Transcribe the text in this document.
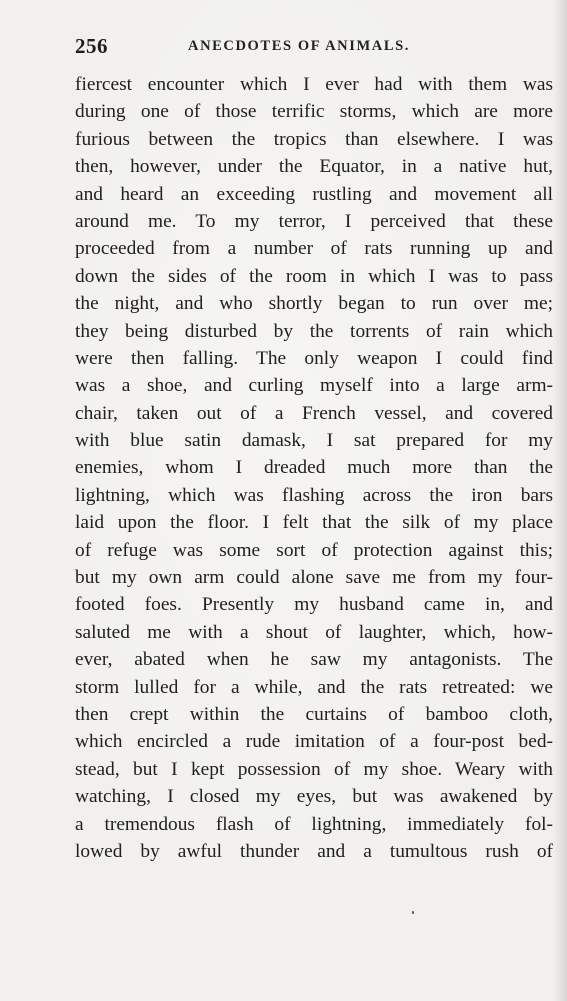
256	ANECDOTES OF ANIMALS.
fiercest encounter which I ever had with them was
during one of those terrific storms, which are more
furious between the tropics than elsewhere. I was
then, however, under the Equator, in a native hut,
and heard an exceeding rustling and movement all
around me. To my terror, I perceived that these
proceeded from a number of rats running up and
down the sides of the room in which I was to pass
the night, and who shortly began to run over me;
they being disturbed by the torrents of rain which
were then falling. The only weapon I could find
was a shoe, and curling myself into a large arm-
chair, taken out of a French vessel, and covered
with blue satin damask, I sat prepared for my
enemies, whom I dreaded much more than the
lightning, which was flashing across the iron bars
laid upon the floor. I felt that the silk of my place
of refuge was some sort of protection against this;
but my own arm could alone save me from my four-
footed foes. Presently my husband came in, and
saluted me with a shout of laughter, which, how-
ever, abated when he saw my antagonists. The
storm lulled for a while, and the rats retreated: we
then crept within the curtains of bamboo cloth,
which encircled a rude imitation of a four-post bed-
stead, but I kept possession of my shoe. Weary with
watching, I closed my eyes, but was awakened by
a tremendous flash of lightning, immediately fol-
lowed by awful thunder and a tumultous rush of
